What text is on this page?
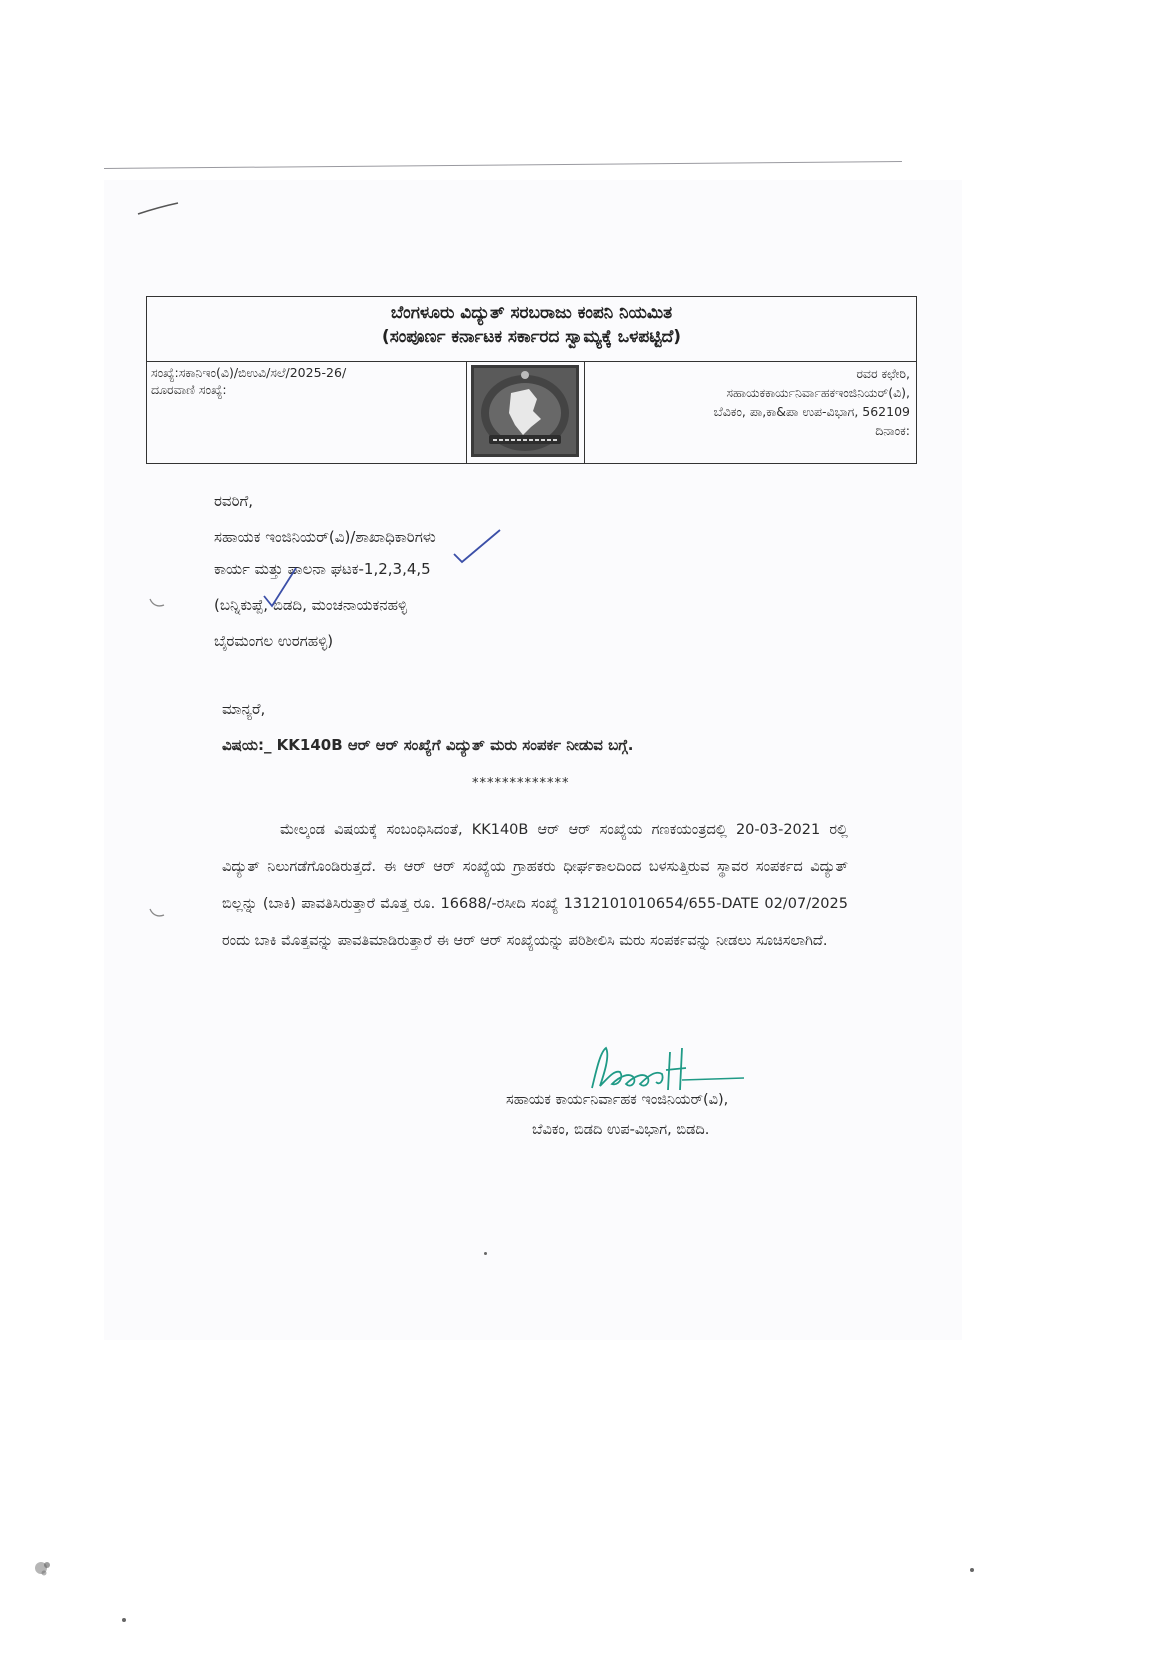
ಬೆಂಗಳೂರು ವಿದ್ಯುತ್ ಸರಬರಾಜು ಕಂಪನಿ ನಿಯಮಿತ
(ಸಂಪೂರ್ಣ ಕರ್ನಾಟಕ ಸರ್ಕಾರದ ಸ್ವಾಮ್ಯಕ್ಕೆ ಒಳಪಟ್ಟಿದೆ)
ಸಂಖ್ಯೆ:ಸಕಾನಿಇಂ(ವಿ)/ಬಿಉವಿ/ಸಲೆ/2025-26/
ದೂರವಾಣಿ ಸಂಖ್ಯೆ:
ರವರ ಕಛೇರಿ,
ಸಹಾಯಕಕಾರ್ಯನಿರ್ವಾಹಕಇಂಜಿನಿಯರ್(ವಿ),
ಬೆವಿಕಂ, ಪಾ,ಕಾ&ಪಾ ಉಪ-ವಿಭಾಗ, 562109
ದಿನಾಂಕ:
ರವರಿಗೆ,
ಸಹಾಯಕ ಇಂಜಿನಿಯರ್(ವಿ)/ಶಾಖಾಧಿಕಾರಿಗಳು
ಕಾರ್ಯ ಮತ್ತು ಪಾಲನಾ ಘಟಕ-1,2,3,4,5
(ಬನ್ನಿಕುಪ್ಪೆ, ಬಿಡದಿ, ಮಂಚನಾಯಕನಹಳ್ಳಿ
ಬೈರಮಂಗಲ ಉರಗಹಳ್ಳಿ)
ಮಾನ್ಯರೆ,
ವಿಷಯ:_ KK140B ಆರ್ ಆರ್ ಸಂಖ್ಯೆಗೆ ವಿದ್ಯುತ್ ಮರು ಸಂಪರ್ಕ ನೀಡುವ ಬಗ್ಗೆ.
*************

ಮೇಲ್ಕಂಡ ವಿಷಯಕ್ಕೆ ಸಂಬಂಧಿಸಿದಂತೆ, KK140B ಆರ್ ಆರ್ ಸಂಖ್ಯೆಯ ಗಣಕಯಂತ್ರದಲ್ಲಿ 20-03-2021 ರಲ್ಲಿ ವಿದ್ಯುತ್ ನಿಲುಗಡೆಗೊಂಡಿರುತ್ತದೆ. ಈ ಆರ್ ಆರ್ ಸಂಖ್ಯೆಯ ಗ್ರಾಹಕರು ಧೀರ್ಘಕಾಲದಿಂದ ಬಳಸುತ್ತಿರುವ ಸ್ಥಾವರ ಸಂಪರ್ಕದ ವಿದ್ಯುತ್ ಬಿಲ್ಲನ್ನು (ಬಾಕಿ) ಪಾವತಿಸಿರುತ್ತಾರೆ ಮೊತ್ತ ರೂ. 16688/-ರಸೀದಿ ಸಂಖ್ಯೆ 1312101010654/655-DATE 02/07/2025 ರಂದು ಬಾಕಿ ಮೊತ್ತವನ್ನು ಪಾವತಿಮಾಡಿರುತ್ತಾರೆ ಈ ಆರ್ ಆರ್ ಸಂಖ್ಯೆಯನ್ನು ಪರಿಶೀಲಿಸಿ ಮರು ಸಂಪರ್ಕವನ್ನು ನೀಡಲು ಸೂಚಿಸಲಾಗಿದೆ.

ಸಹಾಯಕ ಕಾರ್ಯನಿರ್ವಾಹಕ ಇಂಜಿನಿಯರ್(ವಿ),
ಬೆವಿಕಂ, ಬಿಡದಿ ಉಪ-ವಿಭಾಗ, ಬಿಡದಿ.
